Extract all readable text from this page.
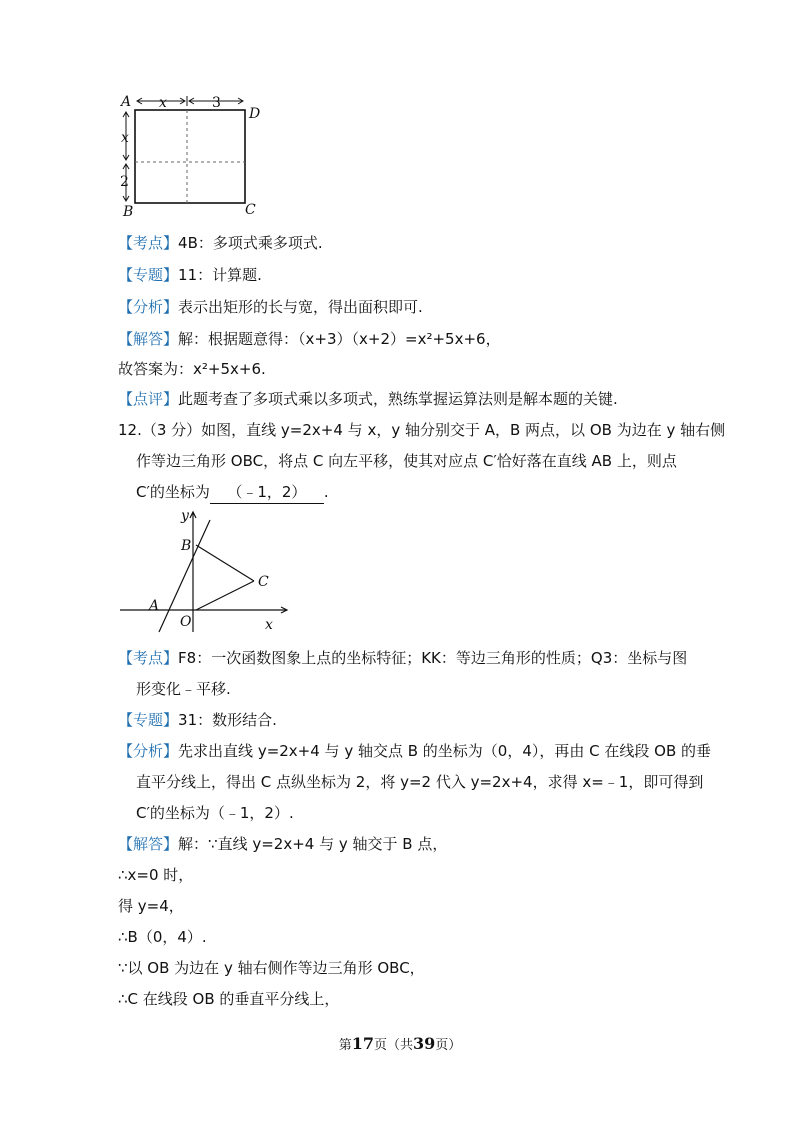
A x	3
D
x
2
B	C
【考点】4B：多项式乘多项式.
【专题】11：计算题.
【分析】表示出矩形的长与宽，得出面积即可.
【解答】解：根据题意得：（x+3）（x+2）=x²+5x+6，
故答案为：x²+5x+6.
【点评】此题考查了多项式乘以多项式，熟练掌握运算法则是解本题的关键.
12.（3 分）如图，直线 y=2x+4 与 x，y 轴分别交于 A，B 两点，以 OB 为边在 y 轴右侧
作等边三角形 OBC，将点 C 向左平移，使其对应点 C′恰好落在直线 AB 上，则点
C′的坐标为 （﹣1，2） .
y
B
C
A
O	x
【考点】F8：一次函数图象上点的坐标特征；KK：等边三角形的性质；Q3：坐标与图
形变化﹣平移.
【专题】31：数形结合.
【分析】先求出直线 y=2x+4 与 y 轴交点 B 的坐标为（0，4），再由 C 在线段 OB 的垂
直平分线上，得出 C 点纵坐标为 2，将 y=2 代入 y=2x+4，求得 x=﹣1，即可得到
C′的坐标为（﹣1，2）.
【解答】解：∵直线 y=2x+4 与 y 轴交于 B 点，
∴x=0 时，
得 y=4，
∴B（0，4）.
∵以 OB 为边在 y 轴右侧作等边三角形 OBC，
∴C 在线段 OB 的垂直平分线上，
第17页（共39页）
